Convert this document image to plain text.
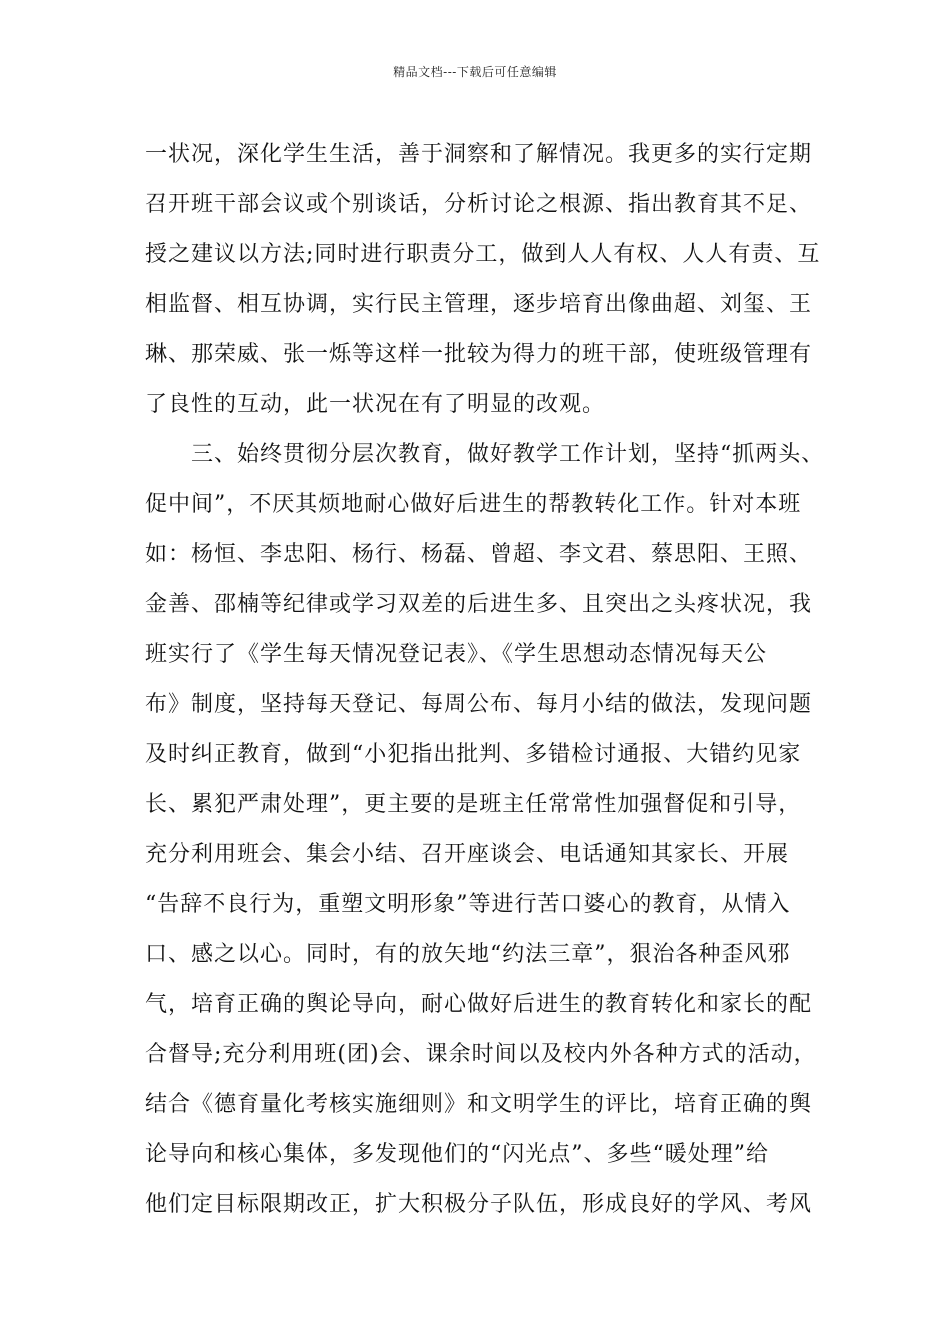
精品文档---下载后可任意编辑
一状况，深化学生生活，善于洞察和了解情况。我更多的实行定期
召开班干部会议或个别谈话，分析讨论之根源、指出教育其不足、
授之建议以方法;同时进行职责分工，做到人人有权、人人有责、互
相监督、相互协调，实行民主管理，逐步培育出像曲超、刘玺、王
琳、那荣威、张一烁等这样一批较为得力的班干部，使班级管理有
了良性的互动，此一状况在有了明显的改观。
三、始终贯彻分层次教育，做好教学工作计划，坚持“抓两头、
促中间”，不厌其烦地耐心做好后进生的帮教转化工作。针对本班
如：杨恒、李忠阳、杨行、杨磊、曾超、李文君、蔡思阳、王照、
金善、邵楠等纪律或学习双差的后进生多、且突出之头疼状况，我
班实行了《学生每天情况登记表》、《学生思想动态情况每天公
布》制度，坚持每天登记、每周公布、每月小结的做法，发现问题
及时纠正教育，做到“小犯指出批判、多错检讨通报、大错约见家
长、累犯严肃处理”，更主要的是班主任常常性加强督促和引导，
充分利用班会、集会小结、召开座谈会、电话通知其家长、开展
“告辞不良行为，重塑文明形象”等进行苦口婆心的教育，从情入
口、感之以心。同时，有的放矢地“约法三章”，狠治各种歪风邪
气，培育正确的舆论导向，耐心做好后进生的教育转化和家长的配
合督导;充分利用班(团)会、课余时间以及校内外各种方式的活动，
结合《德育量化考核实施细则》和文明学生的评比，培育正确的舆
论导向和核心集体，多发现他们的“闪光点”、多些“暖处理”给
他们定目标限期改正，扩大积极分子队伍，形成良好的学风、考风
